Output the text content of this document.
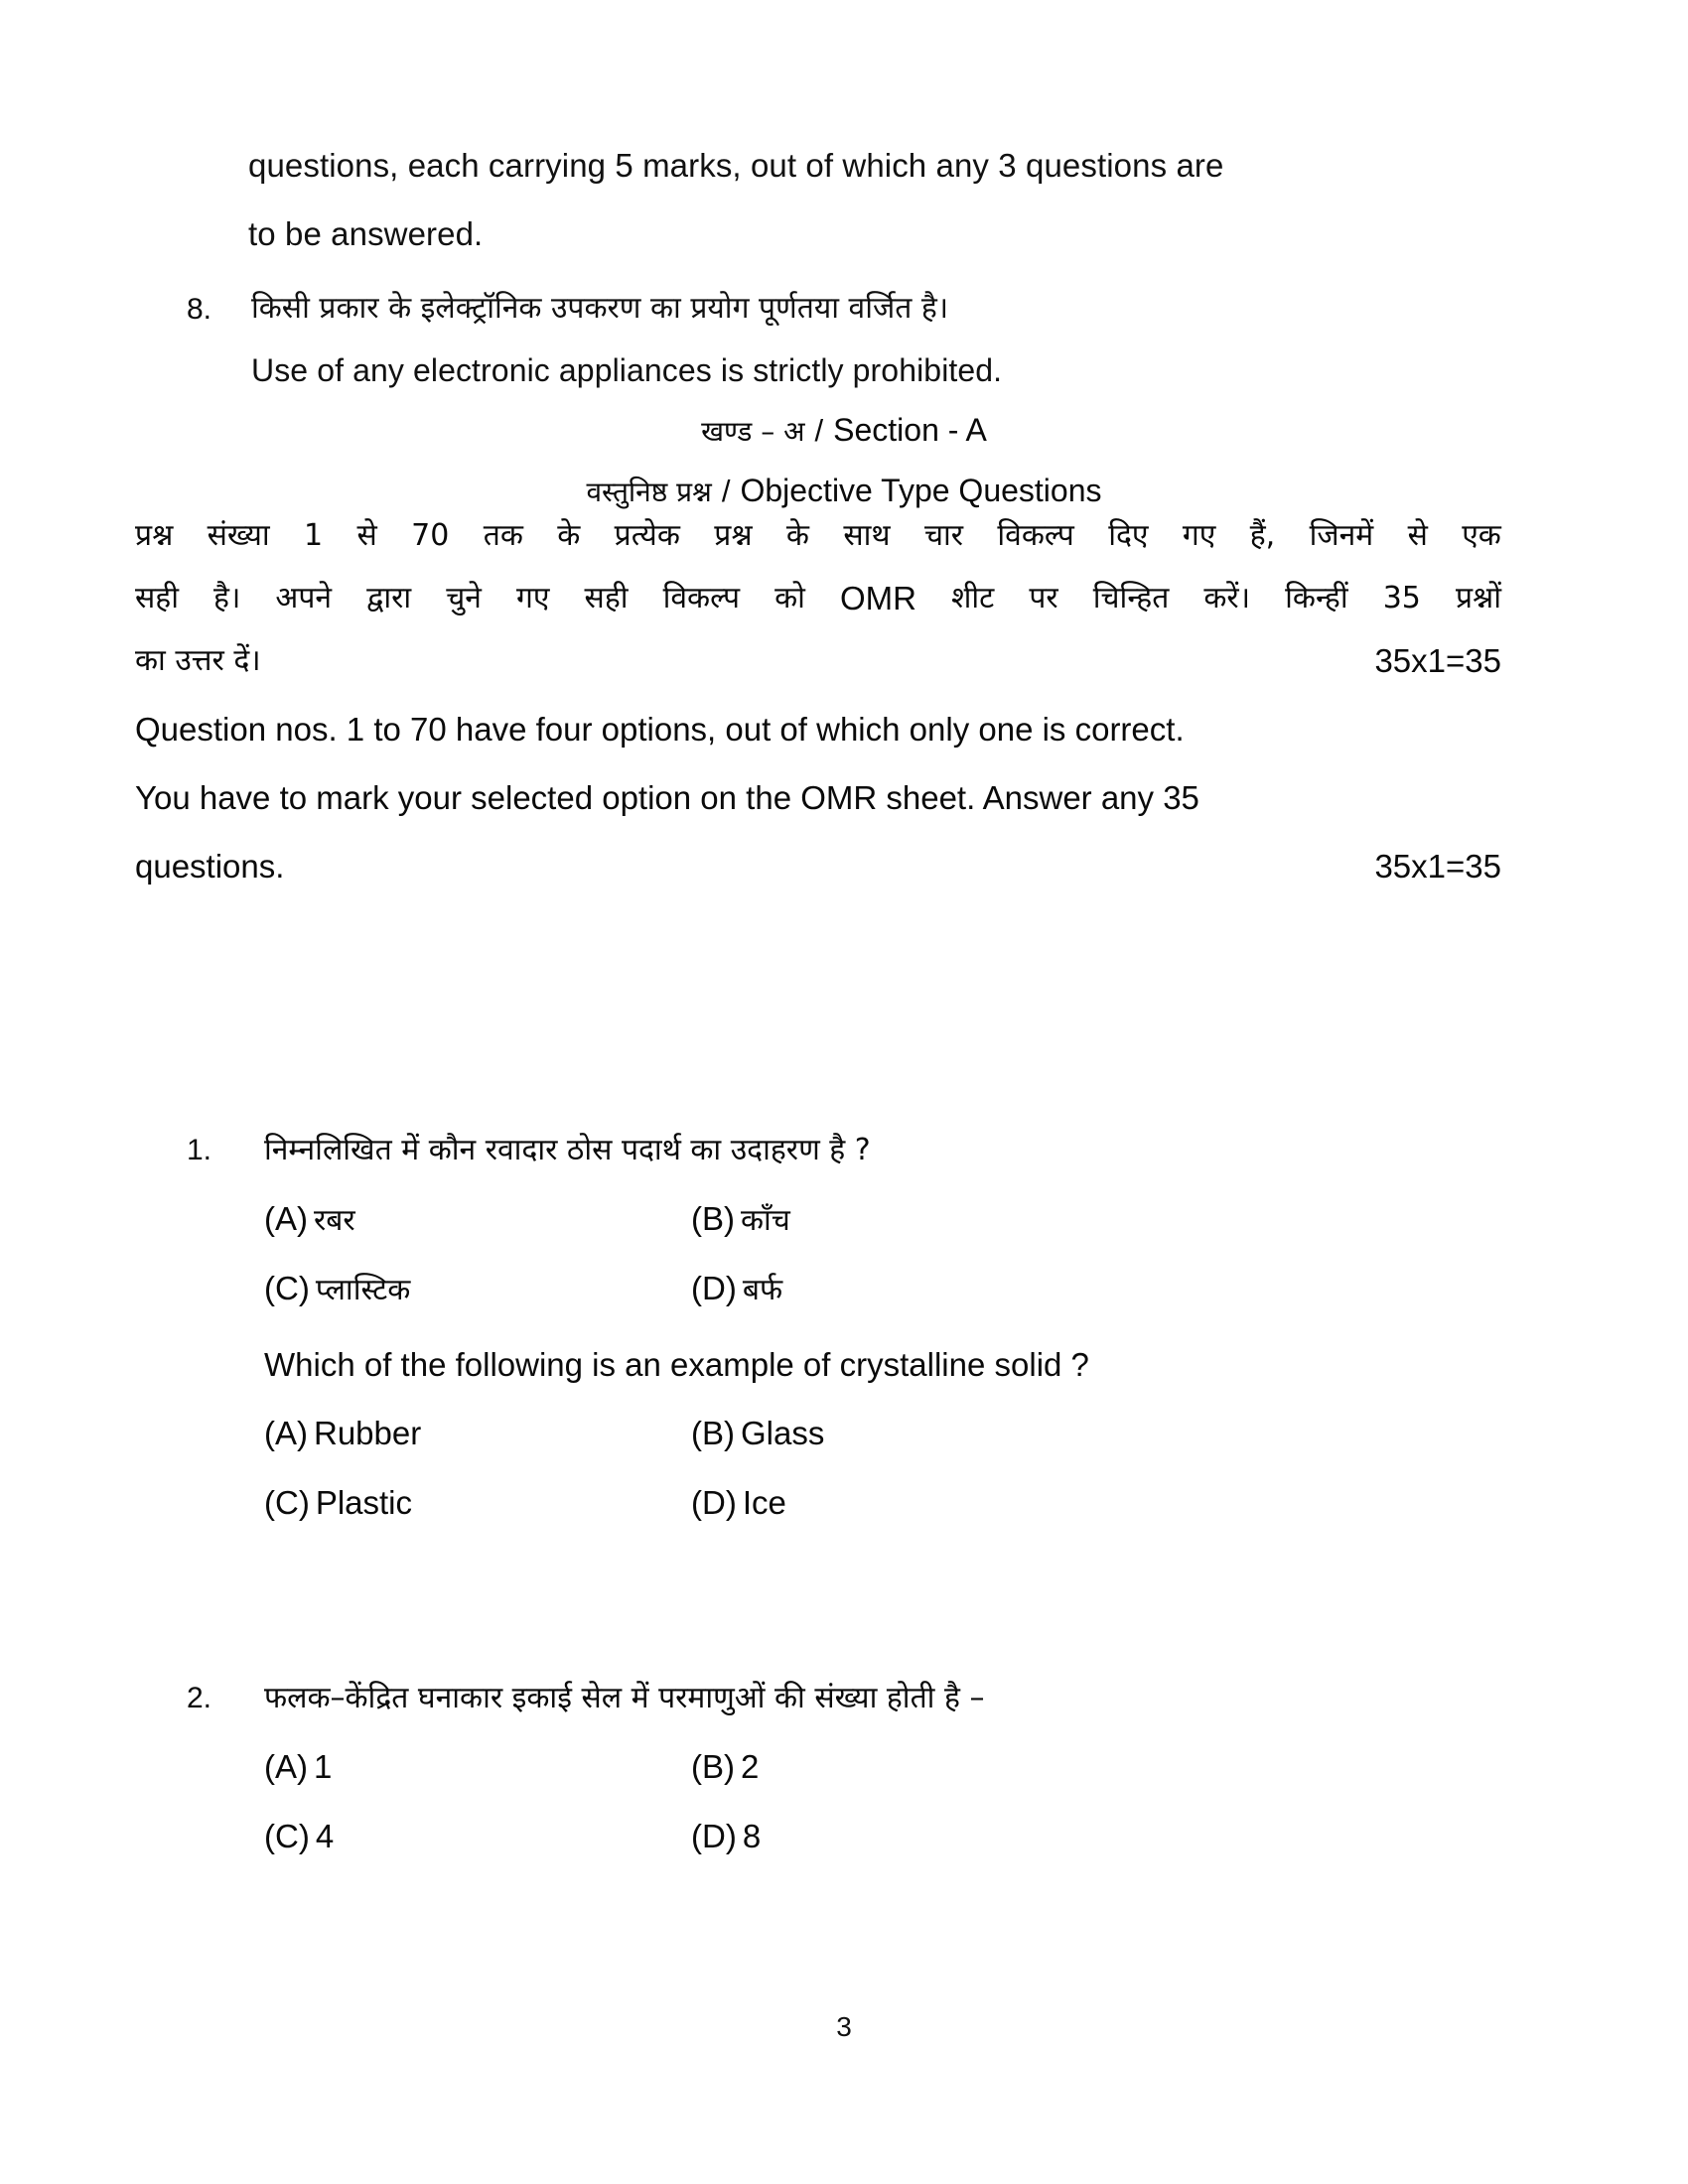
questions, each carrying 5 marks, out of which any 3 questions are
to be answered.
8.	किसी प्रकार के इलेक्ट्रॉनिक उपकरण का प्रयोग पूर्णतया वर्जित है।
Use of any electronic appliances is strictly prohibited.
खण्ड – अ / Section - A
वस्तुनिष्ठ प्रश्न / Objective Type Questions
प्रश्न संख्या 1 से 70 तक के प्रत्येक प्रश्न के साथ चार विकल्प दिए गए हैं, जिनमें से एक
सही है। अपने द्वारा चुने गए सही विकल्प को OMR शीट पर चिन्हित करें। किन्हीं 35 प्रश्नों
का उत्तर दें।	35x1=35
Question nos. 1 to 70 have four options, out of which only one is correct.
You have to mark your selected option on the OMR sheet. Answer any 35
questions.	35x1=35
1.	निम्नलिखित में कौन रवादार ठोस पदार्थ का उदाहरण है ?
(A) रबर	(B) काँच
(C) प्लास्टिक	(D) बर्फ
Which of the following is an example of crystalline solid ?
(A) Rubber	(B) Glass
(C) Plastic	(D) Ice
2.	फलक–केंद्रित घनाकार इकाई सेल में परमाणुओं की संख्या होती है –
(A) 1	(B) 2
(C) 4	(D) 8
3
